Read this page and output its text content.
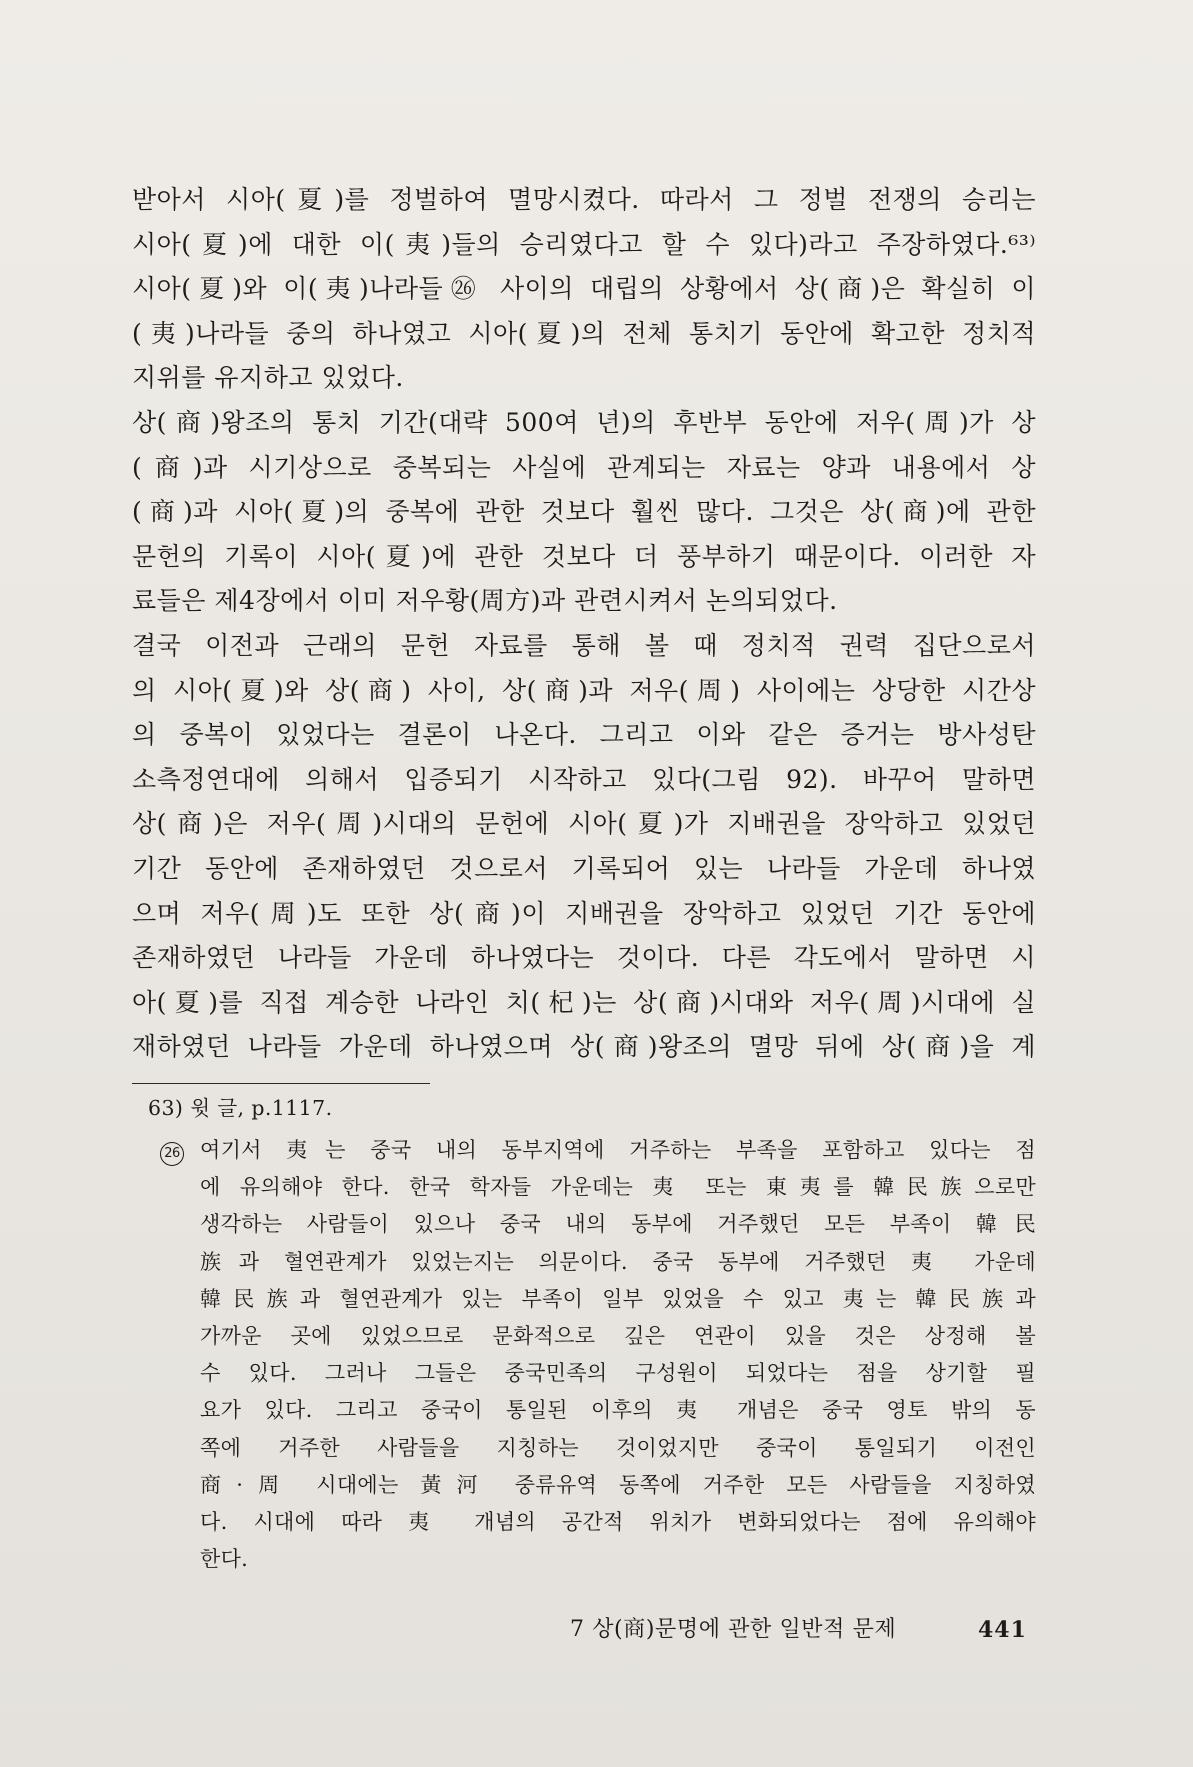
받아서 시아(夏)를 정벌하여 멸망시켰다. 따라서 그 정벌 전쟁의 승리는
시아(夏)에 대한 이(夷)들의 승리였다고 할 수 있다)라고 주장하였다.⁶³⁾
시아(夏)와 이(夷)나라들㉖ 사이의 대립의 상황에서 상(商)은 확실히 이
(夷)나라들 중의 하나였고 시아(夏)의 전체 통치기 동안에 확고한 정치적
지위를 유지하고 있었다.
상(商)왕조의 통치 기간(대략 500여 년)의 후반부 동안에 저우(周)가 상
(商)과 시기상으로 중복되는 사실에 관계되는 자료는 양과 내용에서 상
(商)과 시아(夏)의 중복에 관한 것보다 훨씬 많다. 그것은 상(商)에 관한
문헌의 기록이 시아(夏)에 관한 것보다 더 풍부하기 때문이다. 이러한 자
료들은 제4장에서 이미 저우황(周方)과 관련시켜서 논의되었다.
결국 이전과 근래의 문헌 자료를 통해 볼 때 정치적 권력 집단으로서
의 시아(夏)와 상(商) 사이, 상(商)과 저우(周) 사이에는 상당한 시간상
의 중복이 있었다는 결론이 나온다. 그리고 이와 같은 증거는 방사성탄
소측정연대에 의해서 입증되기 시작하고 있다(그림 92). 바꾸어 말하면
상(商)은 저우(周)시대의 문헌에 시아(夏)가 지배권을 장악하고 있었던
기간 동안에 존재하였던 것으로서 기록되어 있는 나라들 가운데 하나였
으며 저우(周)도 또한 상(商)이 지배권을 장악하고 있었던 기간 동안에
존재하였던 나라들 가운데 하나였다는 것이다. 다른 각도에서 말하면 시
아(夏)를 직접 계승한 나라인 치(杞)는 상(商)시대와 저우(周)시대에 실
재하였던 나라들 가운데 하나였으며 상(商)왕조의 멸망 뒤에 상(商)을 계
63) 윗 글, p.1117.
26 여기서 夷는 중국 내의 동부지역에 거주하는 부족을 포함하고 있다는 점
에 유의해야 한다. 한국 학자들 가운데는 夷 또는 東夷를 韓民族으로만
생각하는 사람들이 있으나 중국 내의 동부에 거주했던 모든 부족이 韓民
族과 혈연관계가 있었는지는 의문이다. 중국 동부에 거주했던 夷 가운데
韓民族과 혈연관계가 있는 부족이 일부 있었을 수 있고 夷는 韓民族과
가까운 곳에 있었으므로 문화적으로 깊은 연관이 있을 것은 상정해 볼
수 있다. 그러나 그들은 중국민족의 구성원이 되었다는 점을 상기할 필
요가 있다. 그리고 중국이 통일된 이후의 夷 개념은 중국 영토 밖의 동
쪽에 거주한 사람들을 지칭하는 것이었지만 중국이 통일되기 이전인
商·周 시대에는 黃河 중류유역 동쪽에 거주한 모든 사람들을 지칭하였
다. 시대에 따라 夷 개념의 공간적 위치가 변화되었다는 점에 유의해야
한다.
7 상(商)문명에 관한 일반적 문제	441
